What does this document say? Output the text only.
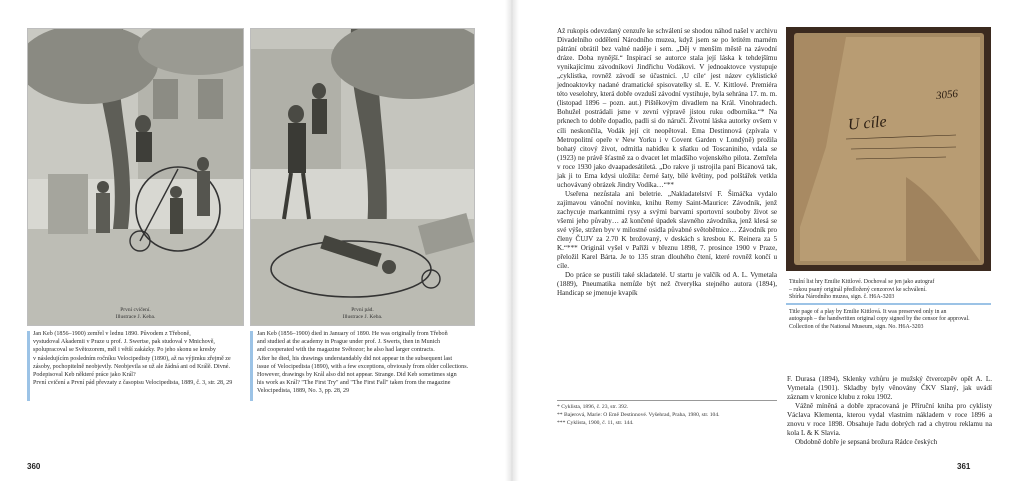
První cvičení.
Illustrace J. Keba.
První pád.
Illustrace J. Keba.

Jan Keb (1856–1900) zemřel v lednu 1890. Původem z Třeboně,

vystudoval Akademii v Praze u prof. J. Swertse, pak studoval v Mnichově,

spolupracoval se Světozorem, měl i větší zakázky. Po jeho skonu se kresby

v následujícím posledním ročníku Velocipedisty (1890), až na výjimku zřejmě ze

zásoby, pochopitelně neobjevily. Neobjevila se už ale žádná ani od Králě. Divné.

Podepisoval Keb některé práce jako Král?

První cvičení a První pád převzaty z časopisu Velocipedista, 1889, č. 3, str. 28, 29

Jan Keb (1856–1900) died in January of 1890. He was originally from Třeboň

and studied at the academy in Prague under prof. J. Swerts, then in Munich

and cooperated with the magazine Světozor; he also had larger contracts.

After he died, his drawings understandably did not appear in the subsequent last

issue of Velocipedista (1890), with a few exceptions, obviously from older collections.

However, drawings by Král also did not appear. Strange. Did Keb sometimes sign

his work as Král? "The First Try" and "The First Fall" taken from the magazine

Velocipedista, 1889, No. 3, pp. 28, 29

360

Až rukopis odevzdaný cenzuře ke schválení se shodou náhod našel v archivu Divadelního oddělení Národního muzea, když jsem se po letitém marném pátrání obrátil bez valné naděje i sem. „Děj v menším městě na závodní dráze. Doba nynější.“ Inspirací se autorce stala její láska k tehdejšímu vynikajícímu závodníkovi Jindřichu Vodákovi. V jednoaktovce vystupuje „cyklistka, rovněž závodí se účastnicí. ‚U cíle‘ jest název cyklistické jednoaktovky nadané dramatické spisovatelky sl. E. V. Kittlové. Premiéra této veselohry, která dobře ovzduší závodní vystihuje, byla sehrána 17. m. m. (listopad 1896 – pozn. aut.) Pištěkovým divadlem na Král. Vinohradech. Bohužel postrádali jsme v zevní výpravě jistou ruku odborníka.“* Na prknech to dobře dopadlo, padli si do náručí. Životní láska autorky ovšem v cíli neskončila, Vodák její cit neopětoval. Ema Destinnová (zpívala v Metropolitní opeře v New Yorku i v Covent Garden v Londýně) prožila bohatý citový život, odmítla nabídku k sňatku od Toscaniniho, vdala se (1923) ne právě šťastně za o dvacet let mladšího vojenského pilota. Zemřela v roce 1930 jako dvaapadesátiletá. „Do rakve ji ustrojila paní Bicanová tak, jak ji to Ema kdysi uložila: černé šaty, bílé květiny, pod polštářek vetkla uchovávaný obrázek Jindry Vodíka…“**

Useřena nezůstala ani beletrie. „Nakladatelství F. Šimáčka vydalo zajímavou vánoční novinku, knihu Remy Saint-Maurice: Závodník, jenž zachycuje markantními rysy a svými barvami sportovní souboby život se všemi jeho půvaby… až končené úpadek slavného závodníka, jenž klesá se své výše, stržen byv v milostné osidla půvabné světobětnice… Závodník pro členy ČUJV za 2.70 K brožovaný, v deskách s kresbou K. Reinera za 5 K.“*** Originál vyšel v Paříži v březnu 1898, 7. prosince 1900 v Praze, přeložil Karel Bárta. Je to 135 stran dlouhého čtení, které rovněž končí u cíle.

Do práce se pustili také skladatelé. U startu je valčík od A. L. Vymetala (1889), Pneumatika nemůže být než čtveryłka stejného autora (1894), Handicap se jmenuje kvapík

* Cyklista, 1896, č. 23, str. 392.

** Bajerová, Marie: O Emě Destinnové. Vyšehrad, Praha, 1980, str. 104.

*** Cyklista, 1900, č. 11, str. 144.

3056
U cíle

Titulní list hry Emilie Kittlové. Dochoval se jen jako autograf

– rukou psaný originál předložený cenzorovi ke schválení.

Sbírka Národního muzea, sign. č. H6A-3203

Title page of a play by Emilie Kittlová. It was preserved only in an

autograph – the handwritten original copy signed by the censor for approval.

Collection of the National Museum, sign. No. H6A-3203

F. Durasa (1894), Sklenky vzhůru je mužský čtverozpěv opět A. L. Vymetala (1901). Skladby byly věnovány ČKV Slaný, jak uvádí záznam v kronice klubu z roku 1902.

Vážně míněná a dobře zpracovaná je Příruční kniha pro cyklisty Václava Klementa, kterou vydal vlastním nákladem v roce 1896 a znovu v roce 1898. Obsahuje řadu dobrých rad a chytrou reklamu na kola L & K Slavia.

Obdobně dobře je sepsaná brožura Rádce českých

361
